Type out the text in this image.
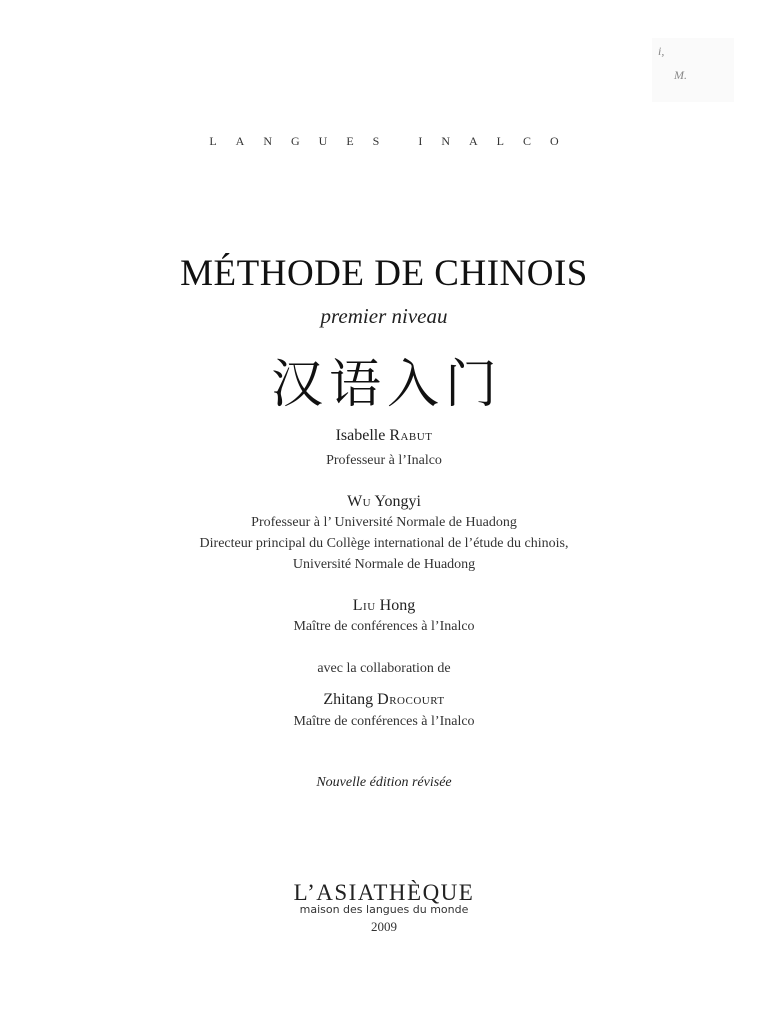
i,
M.
LANGUES INALCO
MÉTHODE DE CHINOIS
premier niveau
汉语入门
Isabelle Rabut
Professeur à l’Inalco
Wu Yongyi
Professeur à l’ Université Normale de Huadong
Directeur principal du Collège international de l’étude du chinois,
Université Normale de Huadong
Liu Hong
Maître de conférences à l’Inalco
avec la collaboration de
Zhitang Drocourt
Maître de conférences à l’Inalco
Nouvelle édition révisée
L’ASIATHÈQUE
maison des langues du monde
2009
